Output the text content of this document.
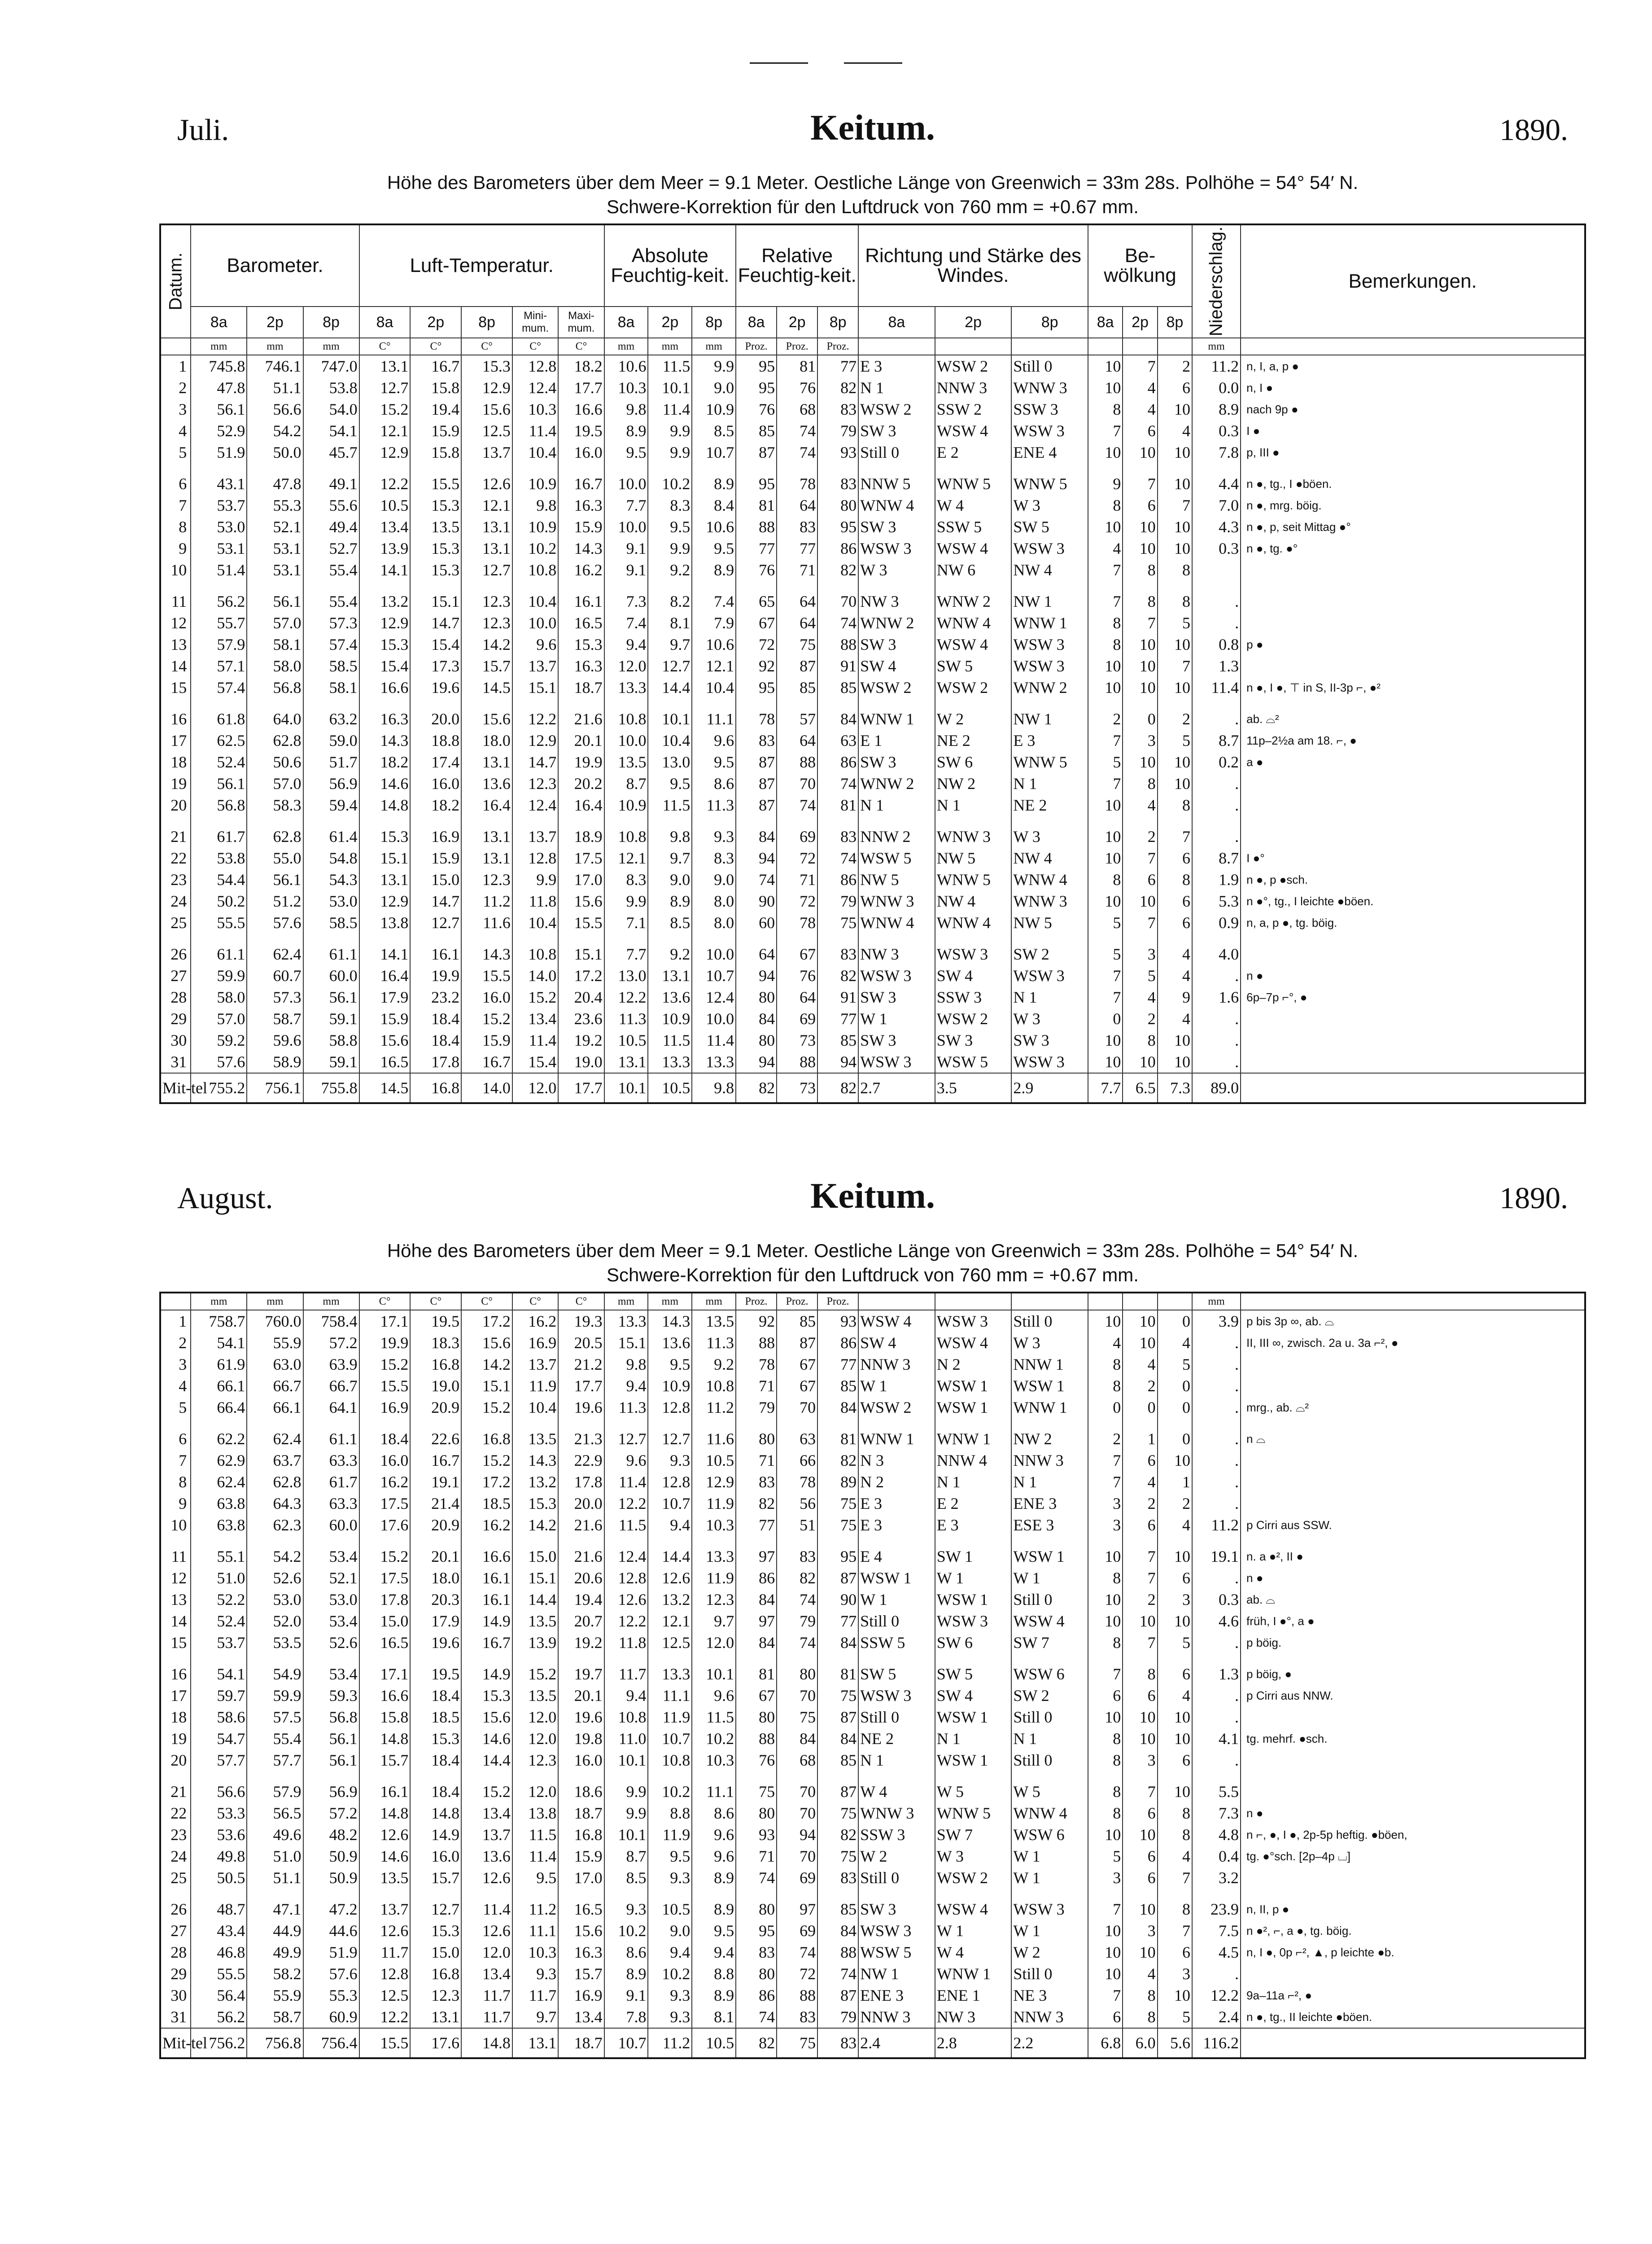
Juli.	Keitum.	1890.
Höhe des Barometers über dem Meer = 9.1 Meter. Oestliche Länge von Greenwich = 33m 28s. Polhöhe = 54° 54′ N.
Schwere-Korrektion für den Luftdruck von 760 mm = +0.67 mm.
Datum.	Barometer.			Luft-Temperatur.					Absolute Feuchtig-keit.			Relative Feuchtig-keit.			Richtung und Stärke des Windes.			Be-wölkung			Niederschlag.	Bemerkungen.
	8a	2p	8p	8a	2p	8p	Mini-mum.	Maxi-mum.	8a	2p	8p	8a	2p	8p	8a	2p	8p	8a	2p	8p		
	mm	mm	mm	C°	C°	C°	C°	C°	mm	mm	mm	Proz.	Proz.	Proz.							mm	
1	745.8	746.1	747.0	13.1	16.7	15.3	12.8	18.2	10.6	11.5	9.9	95	81	77	E 3	WSW 2	Still 0	10	7	2	11.2	n, I, a, p ●
2	47.8	51.1	53.8	12.7	15.8	12.9	12.4	17.7	10.3	10.1	9.0	95	76	82	N 1	NNW 3	WNW 3	10	4	6	0.0	n, I ●
3	56.1	56.6	54.0	15.2	19.4	15.6	10.3	16.6	9.8	11.4	10.9	76	68	83	WSW 2	SSW 2	SSW 3	8	4	10	8.9	nach 9p ●
4	52.9	54.2	54.1	12.1	15.9	12.5	11.4	19.5	8.9	9.9	8.5	85	74	79	SW 3	WSW 4	WSW 3	7	6	4	0.3	I ●
5	51.9	50.0	45.7	12.9	15.8	13.7	10.4	16.0	9.5	9.9	10.7	87	74	93	Still 0	E 2	ENE 4	10	10	10	7.8	p, III ●

6	43.1	47.8	49.1	12.2	15.5	12.6	10.9	16.7	10.0	10.2	8.9	95	78	83	NNW 5	WNW 5	WNW 5	9	7	10	4.4	n ●, tg., I ●böen.
7	53.7	55.3	55.6	10.5	15.3	12.1	9.8	16.3	7.7	8.3	8.4	81	64	80	WNW 4	W 4	W 3	8	6	7	7.0	n ●, mrg. böig.
8	53.0	52.1	49.4	13.4	13.5	13.1	10.9	15.9	10.0	9.5	10.6	88	83	95	SW 3	SSW 5	SW 5	10	10	10	4.3	n ●, p, seit Mittag ●°
9	53.1	53.1	52.7	13.9	15.3	13.1	10.2	14.3	9.1	9.9	9.5	77	77	86	WSW 3	WSW 4	WSW 3	4	10	10	0.3	n ●, tg. ●°
10	51.4	53.1	55.4	14.1	15.3	12.7	10.8	16.2	9.1	9.2	8.9	76	71	82	W 3	NW 6	NW 4	7	8	8		

11	56.2	56.1	55.4	13.2	15.1	12.3	10.4	16.1	7.3	8.2	7.4	65	64	70	NW 3	WNW 2	NW 1	7	8	8	.	
12	55.7	57.0	57.3	12.9	14.7	12.3	10.0	16.5	7.4	8.1	7.9	67	64	74	WNW 2	WNW 4	WNW 1	8	7	5	.	
13	57.9	58.1	57.4	15.3	15.4	14.2	9.6	15.3	9.4	9.7	10.6	72	75	88	SW 3	WSW 4	WSW 3	8	10	10	0.8	p ●
14	57.1	58.0	58.5	15.4	17.3	15.7	13.7	16.3	12.0	12.7	12.1	92	87	91	SW 4	SW 5	WSW 3	10	10	7	1.3	
15	57.4	56.8	58.1	16.6	19.6	14.5	15.1	18.7	13.3	14.4	10.4	95	85	85	WSW 2	WSW 2	WNW 2	10	10	10	11.4	n ●, I ●, ⊤ in S, II-3p ⌐, ●²

16	61.8	64.0	63.2	16.3	20.0	15.6	12.2	21.6	10.8	10.1	11.1	78	57	84	WNW 1	W 2	NW 1	2	0	2	.	ab. ⌓²
17	62.5	62.8	59.0	14.3	18.8	18.0	12.9	20.1	10.0	10.4	9.6	83	64	63	E 1	NE 2	E 3	7	3	5	8.7	11p–2½a am 18. ⌐, ●
18	52.4	50.6	51.7	18.2	17.4	13.1	14.7	19.9	13.5	13.0	9.5	87	88	86	SW 3	SW 6	WNW 5	5	10	10	0.2	a ●
19	56.1	57.0	56.9	14.6	16.0	13.6	12.3	20.2	8.7	9.5	8.6	87	70	74	WNW 2	NW 2	N 1	7	8	10	.	
20	56.8	58.3	59.4	14.8	18.2	16.4	12.4	16.4	10.9	11.5	11.3	87	74	81	N 1	N 1	NE 2	10	4	8	.	

21	61.7	62.8	61.4	15.3	16.9	13.1	13.7	18.9	10.8	9.8	9.3	84	69	83	NNW 2	WNW 3	W 3	10	2	7	.	
22	53.8	55.0	54.8	15.1	15.9	13.1	12.8	17.5	12.1	9.7	8.3	94	72	74	WSW 5	NW 5	NW 4	10	7	6	8.7	I ●°
23	54.4	56.1	54.3	13.1	15.0	12.3	9.9	17.0	8.3	9.0	9.0	74	71	86	NW 5	WNW 5	WNW 4	8	6	8	1.9	n ●, p ●sch.
24	50.2	51.2	53.0	12.9	14.7	11.2	11.8	15.6	9.9	8.9	8.0	90	72	79	WNW 3	NW 4	WNW 3	10	10	6	5.3	n ●°, tg., I leichte ●böen.
25	55.5	57.6	58.5	13.8	12.7	11.6	10.4	15.5	7.1	8.5	8.0	60	78	75	WNW 4	WNW 4	NW 5	5	7	6	0.9	n, a, p ●, tg. böig.

26	61.1	62.4	61.1	14.1	16.1	14.3	10.8	15.1	7.7	9.2	10.0	64	67	83	NW 3	WSW 3	SW 2	5	3	4	4.0	
27	59.9	60.7	60.0	16.4	19.9	15.5	14.0	17.2	13.0	13.1	10.7	94	76	82	WSW 3	SW 4	WSW 3	7	5	4	.	n ●
28	58.0	57.3	56.1	17.9	23.2	16.0	15.2	20.4	12.2	13.6	12.4	80	64	91	SW 3	SSW 3	N 1	7	4	9	1.6	6p–7p ⌐°, ●
29	57.0	58.7	59.1	15.9	18.4	15.2	13.4	23.6	11.3	10.9	10.0	84	69	77	W 1	WSW 2	W 3	0	2	4	.	
30	59.2	59.6	58.8	15.6	18.4	15.9	11.4	19.2	10.5	11.5	11.4	80	73	85	SW 3	SW 3	SW 3	10	8	10	.	
31	57.6	58.9	59.1	16.5	17.8	16.7	15.4	19.0	13.1	13.3	13.3	94	88	94	WSW 3	WSW 5	WSW 3	10	10	10	.	
Mit-tel	755.2	756.1	755.8	14.5	16.8	14.0	12.0	17.7	10.1	10.5	9.8	82	73	82	2.7	3.5	2.9	7.7	6.5	7.3	89.0	
August.	Keitum.	1890.
Höhe des Barometers über dem Meer = 9.1 Meter. Oestliche Länge von Greenwich = 33m 28s. Polhöhe = 54° 54′ N.
Schwere-Korrektion für den Luftdruck von 760 mm = +0.67 mm.
	mm	mm	mm	C°	C°	C°	C°	C°	mm	mm	mm	Proz.	Proz.	Proz.							mm	
1	758.7	760.0	758.4	17.1	19.5	17.2	16.2	19.3	13.3	14.3	13.5	92	85	93	WSW 4	WSW 3	Still 0	10	10	0	3.9	p bis 3p ∞, ab. ⌓
2	54.1	55.9	57.2	19.9	18.3	15.6	16.9	20.5	15.1	13.6	11.3	88	87	86	SW 4	WSW 4	W 3	4	10	4	.	II, III ∞, zwisch. 2a u. 3a ⌐², ●
3	61.9	63.0	63.9	15.2	16.8	14.2	13.7	21.2	9.8	9.5	9.2	78	67	77	NNW 3	N 2	NNW 1	8	4	5	.	
4	66.1	66.7	66.7	15.5	19.0	15.1	11.9	17.7	9.4	10.9	10.8	71	67	85	W 1	WSW 1	WSW 1	8	2	0	.	
5	66.4	66.1	64.1	16.9	20.9	15.2	10.4	19.6	11.3	12.8	11.2	79	70	84	WSW 2	WSW 1	WNW 1	0	0	0	.	mrg., ab. ⌓²

6	62.2	62.4	61.1	18.4	22.6	16.8	13.5	21.3	12.7	12.7	11.6	80	63	81	WNW 1	WNW 1	NW 2	2	1	0	.	n ⌓
7	62.9	63.7	63.3	16.0	16.7	15.2	14.3	22.9	9.6	9.3	10.5	71	66	82	N 3	NNW 4	NNW 3	7	6	10	.	
8	62.4	62.8	61.7	16.2	19.1	17.2	13.2	17.8	11.4	12.8	12.9	83	78	89	N 2	N 1	N 1	7	4	1	.	
9	63.8	64.3	63.3	17.5	21.4	18.5	15.3	20.0	12.2	10.7	11.9	82	56	75	E 3	E 2	ENE 3	3	2	2	.	
10	63.8	62.3	60.0	17.6	20.9	16.2	14.2	21.6	11.5	9.4	10.3	77	51	75	E 3	E 3	ESE 3	3	6	4	11.2	p Cirri aus SSW.

11	55.1	54.2	53.4	15.2	20.1	16.6	15.0	21.6	12.4	14.4	13.3	97	83	95	E 4	SW 1	WSW 1	10	7	10	19.1	n. a ●², II ●
12	51.0	52.6	52.1	17.5	18.0	16.1	15.1	20.6	12.8	12.6	11.9	86	82	87	WSW 1	W 1	W 1	8	7	6	.	n ●
13	52.2	53.0	53.0	17.8	20.3	16.1	14.4	19.4	12.6	13.2	12.3	84	74	90	W 1	WSW 1	Still 0	10	2	3	0.3	ab. ⌓
14	52.4	52.0	53.4	15.0	17.9	14.9	13.5	20.7	12.2	12.1	9.7	97	79	77	Still 0	WSW 3	WSW 4	10	10	10	4.6	früh, I ●°, a ●
15	53.7	53.5	52.6	16.5	19.6	16.7	13.9	19.2	11.8	12.5	12.0	84	74	84	SSW 5	SW 6	SW 7	8	7	5	.	p böig.

16	54.1	54.9	53.4	17.1	19.5	14.9	15.2	19.7	11.7	13.3	10.1	81	80	81	SW 5	SW 5	WSW 6	7	8	6	1.3	p böig, ●
17	59.7	59.9	59.3	16.6	18.4	15.3	13.5	20.1	9.4	11.1	9.6	67	70	75	WSW 3	SW 4	SW 2	6	6	4	.	p Cirri aus NNW.
18	58.6	57.5	56.8	15.8	18.5	15.6	12.0	19.6	10.8	11.9	11.5	80	75	87	Still 0	WSW 1	Still 0	10	10	10	.	
19	54.7	55.4	56.1	14.8	15.3	14.6	12.0	19.8	11.0	10.7	10.2	88	84	84	NE 2	N 1	N 1	8	10	10	4.1	tg. mehrf. ●sch.
20	57.7	57.7	56.1	15.7	18.4	14.4	12.3	16.0	10.1	10.8	10.3	76	68	85	N 1	WSW 1	Still 0	8	3	6	.	

21	56.6	57.9	56.9	16.1	18.4	15.2	12.0	18.6	9.9	10.2	11.1	75	70	87	W 4	W 5	W 5	8	7	10	5.5	
22	53.3	56.5	57.2	14.8	14.8	13.4	13.8	18.7	9.9	8.8	8.6	80	70	75	WNW 3	WNW 5	WNW 4	8	6	8	7.3	n ●
23	53.6	49.6	48.2	12.6	14.9	13.7	11.5	16.8	10.1	11.9	9.6	93	94	82	SSW 3	SW 7	WSW 6	10	10	8	4.8	n ⌐, ●, I ●, 2p-5p heftig. ●böen,
24	49.8	51.0	50.9	14.6	16.0	13.6	11.4	15.9	8.7	9.5	9.6	71	70	75	W 2	W 3	W 1	5	6	4	0.4	tg. ●°sch. [2p–4p ⌴]
25	50.5	51.1	50.9	13.5	15.7	12.6	9.5	17.0	8.5	9.3	8.9	74	69	83	Still 0	WSW 2	W 1	3	6	7	3.2	

26	48.7	47.1	47.2	13.7	12.7	11.4	11.2	16.5	9.3	10.5	8.9	80	97	85	SW 3	WSW 4	WSW 3	7	10	8	23.9	n, II, p ●
27	43.4	44.9	44.6	12.6	15.3	12.6	11.1	15.6	10.2	9.0	9.5	95	69	84	WSW 3	W 1	W 1	10	3	7	7.5	n ●², ⌐, a ●, tg. böig.
28	46.8	49.9	51.9	11.7	15.0	12.0	10.3	16.3	8.6	9.4	9.4	83	74	88	WSW 5	W 4	W 2	10	10	6	4.5	n, I ●, 0p ⌐², ▲, p leichte ●b.
29	55.5	58.2	57.6	12.8	16.8	13.4	9.3	15.7	8.9	10.2	8.8	80	72	74	NW 1	WNW 1	Still 0	10	4	3	.	
30	56.4	55.9	55.3	12.5	12.3	11.7	11.7	16.9	9.1	9.3	8.9	86	88	87	ENE 3	ENE 1	NE 3	7	8	10	12.2	9a–11a ⌐², ●
31	56.2	58.7	60.9	12.2	13.1	11.7	9.7	13.4	7.8	9.3	8.1	74	83	79	NNW 3	NW 3	NNW 3	6	8	5	2.4	n ●, tg., II leichte ●böen.
Mit-tel	756.2	756.8	756.4	15.5	17.6	14.8	13.1	18.7	10.7	11.2	10.5	82	75	83	2.4	2.8	2.2	6.8	6.0	5.6	116.2	
